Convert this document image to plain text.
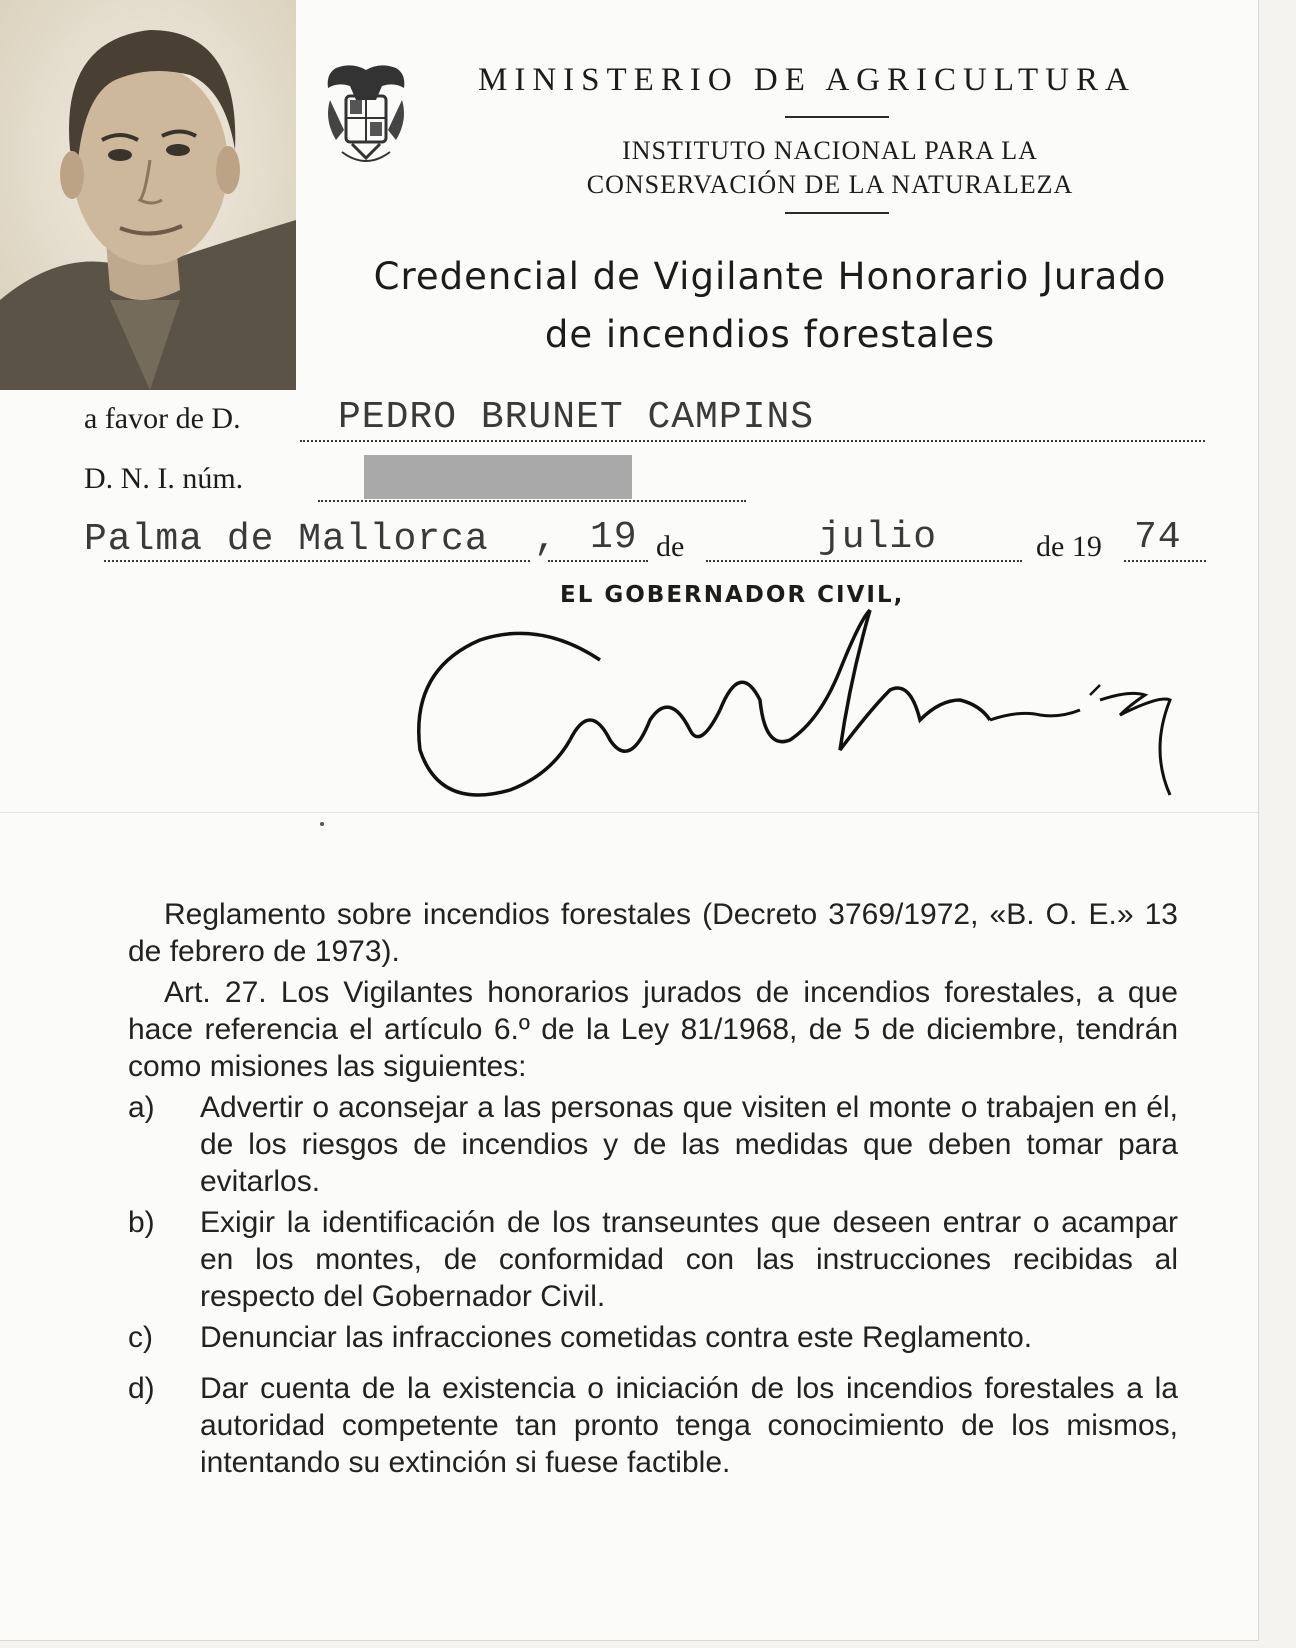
MINISTERIO DE AGRICULTURA
INSTITUTO NACIONAL PARA LA
CONSERVACIÓN DE LA NATURALEZA
Credencial de Vigilante Honorario Jurado
de incendios forestales
a favor de D.	PEDRO BRUNET CAMPINS
D. N. I. núm.
Palma de Mallorca , 19 de	julio	de 19 74
EL GOBERNADOR CIVIL,

Reglamento sobre incendios forestales (Decreto 3769/1972, «B. O. E.» 13 de febrero de 1973).

Art. 27. Los Vigilantes honorarios jurados de incendios forestales, a que hace referencia el artículo 6.º de la Ley 81/1968, de 5 de diciembre, tendrán como misiones las siguientes:

a)	Advertir o aconsejar a las personas que visiten el monte o trabajen en él, de los riesgos de incendios y de las medidas que deben tomar para evitarlos.
b)	Exigir la identificación de los transeuntes que deseen entrar o acampar en los montes, de conformidad con las instrucciones recibidas al respecto del Gobernador Civil.
c)	Denunciar las infracciones cometidas contra este Reglamento.
d)	Dar cuenta de la existencia o iniciación de los incendios forestales a la autoridad competente tan pronto tenga conocimiento de los mismos, intentando su extinción si fuese factible.
